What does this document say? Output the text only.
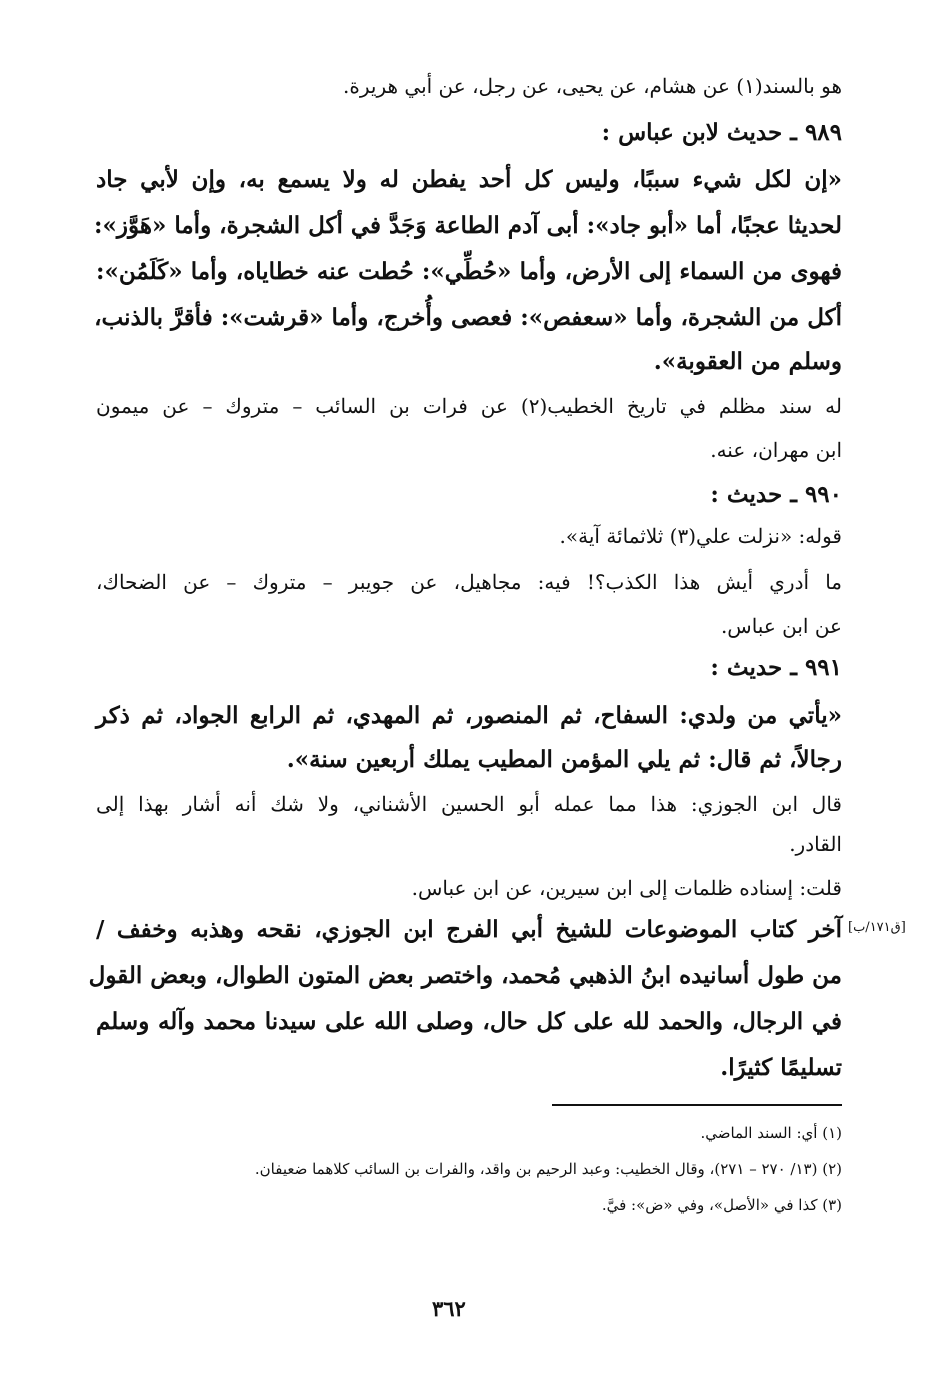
هو بالسند(١) عن هشام، عن يحيى، عن رجل، عن أبي هريرة.
٩٨٩ ـ حديث لابن عباس :
«إن لكل شيء سببًا، وليس كل أحد يفطن له ولا يسمع به، وإن لأبي جاد
لحديثا عجبًا، أما «أبو جاد»: أبى آدم الطاعة وَجَدَّ في أكل الشجرة، وأما «هَوَّز»:
فهوى من السماء إلى الأرض، وأما «حُطِّي»: حُطت عنه خطاياه، وأما «كَلَمُن»:
أكل من الشجرة، وأما «سعفص»: فعصى وأُخرج، وأما «قرشت»: فأقرَّ بالذنب،
وسلم من العقوبة».
له سند مظلم في تاريخ الخطيب(٢) عن فرات بن السائب – متروك – عن ميمون
ابن مهران، عنه.
٩٩٠ ـ حديث :
قوله: «نزلت علي(٣) ثلاثمائة آية».
ما أدري أيش هذا الكذب؟! فيه: مجاهيل، عن جويبر – متروك – عن الضحاك،
عن ابن عباس.
٩٩١ ـ حديث :
«يأتي من ولدي: السفاح، ثم المنصور، ثم المهدي، ثم الرابع الجواد، ثم ذكر
رجالاً، ثم قال: ثم يلي المؤمن المطيب يملك أربعين سنة».
قال ابن الجوزي: هذا مما عمله أبو الحسين الأشناني، ولا شك أنه أشار بهذا إلى
القادر.
قلت: إسناده ظلمات إلى ابن سيرين، عن ابن عباس.
[ق١٧١/ب]
آخر كتاب الموضوعات للشيخ أبي الفرج ابن الجوزي، نقحه وهذبه وخفف /
من طول أسانيده ابنُ الذهبي مُحمد، واختصر بعض المتون الطوال، وبعض القول
في الرجال، والحمد لله على كل حال، وصلى الله على سيدنا محمد وآله وسلم
تسليمًا كثيرًا.
(١) أي: السند الماضي.
(٢) (١٣/ ٢٧٠ – ٢٧١)، وقال الخطيب: وعبد الرحيم بن واقد، والفرات بن السائب كلاهما ضعيفان.
(٣) كذا في «الأصل»، وفي «ض»: فيَّ.
٣٦٢
